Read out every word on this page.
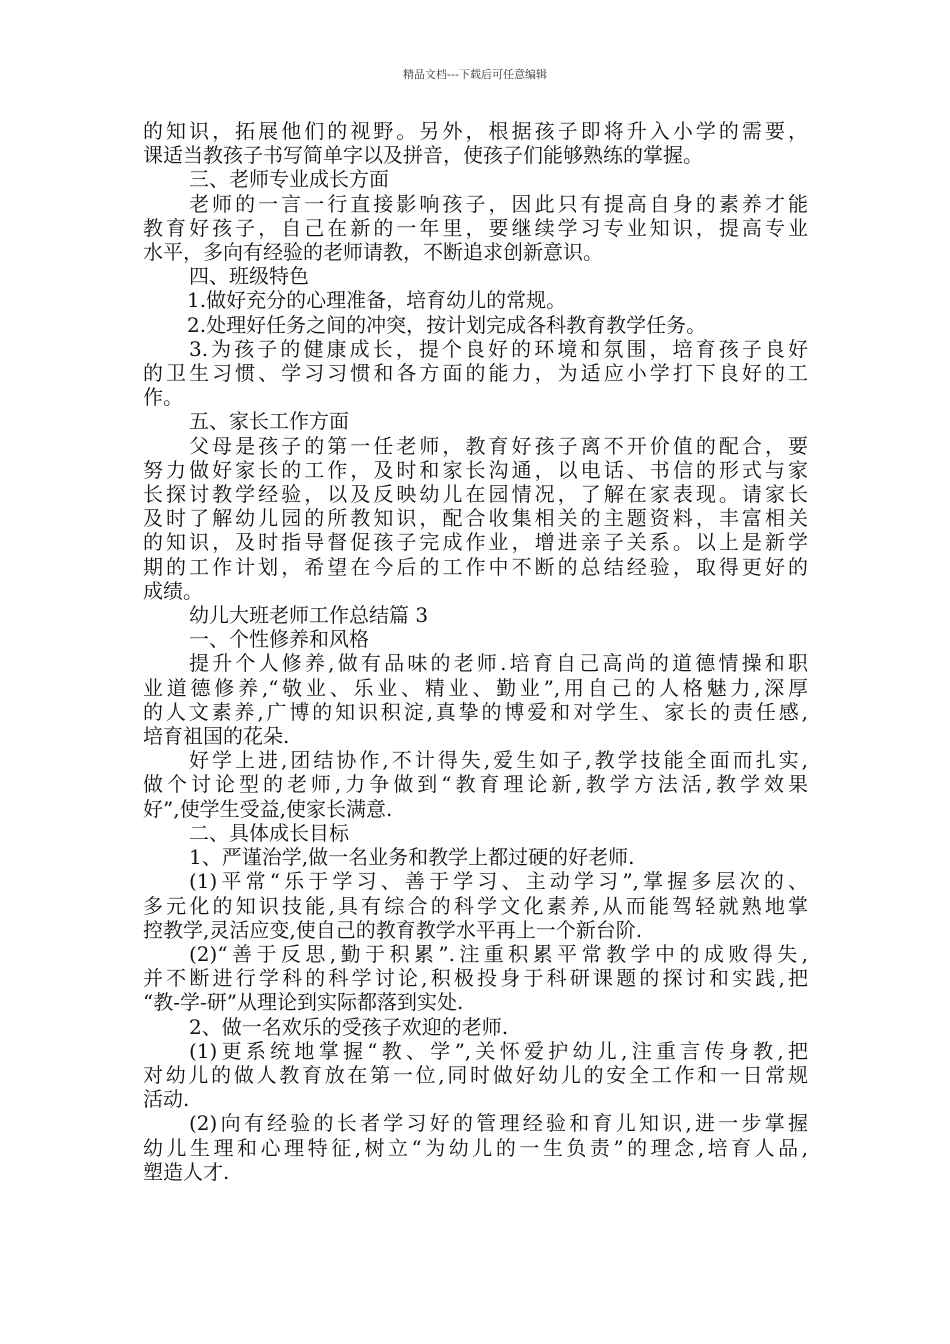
精品文档---下载后可任意编辑

的知识，拓展他们的视野。另外，根据孩子即将升入小学的需要，

课适当教孩子书写简单字以及拼音，使孩子们能够熟练的掌握。

三、老师专业成长方面

老师的一言一行直接影响孩子，因此只有提高自身的素养才能

教育好孩子，自己在新的一年里，要继续学习专业知识，提高专业

水平，多向有经验的老师请教，不断追求创新意识。

四、班级特色

1.做好充分的心理准备，培育幼儿的常规。

2.处理好任务之间的冲突，按计划完成各科教育教学任务。

3.为孩子的健康成长，提个良好的环境和氛围，培育孩子良好

的卫生习惯、学习习惯和各方面的能力，为适应小学打下良好的工

作。

五、家长工作方面

父母是孩子的第一任老师，教育好孩子离不开价值的配合，要

努力做好家长的工作，及时和家长沟通，以电话、书信的形式与家

长探讨教学经验，以及反映幼儿在园情况，了解在家表现。请家长

及时了解幼儿园的所教知识，配合收集相关的主题资料，丰富相关

的知识，及时指导督促孩子完成作业，增进亲子关系。以上是新学

期的工作计划，希望在今后的工作中不断的总结经验，取得更好的

成绩。

幼儿大班老师工作总结篇 3

一、个性修养和风格

提升个人修养,做有品味的老师.培育自己高尚的道德情操和职

业道德修养,“敬业、乐业、精业、勤业”,用自己的人格魅力,深厚

的人文素养,广博的知识积淀,真挚的博爱和对学生、家长的责任感,

培育祖国的花朵.

好学上进,团结协作,不计得失,爱生如子,教学技能全面而扎实,

做个讨论型的老师,力争做到“教育理论新,教学方法活,教学效果

好”,使学生受益,使家长满意.

二、具体成长目标

1、严谨治学,做一名业务和教学上都过硬的好老师.

(1)平常“乐于学习、善于学习、主动学习”,掌握多层次的、

多元化的知识技能,具有综合的科学文化素养,从而能驾轻就熟地掌

控教学,灵活应变,使自己的教育教学水平再上一个新台阶.

(2)“善于反思,勤于积累”.注重积累平常教学中的成败得失,

并不断进行学科的科学讨论,积极投身于科研课题的探讨和实践,把

“教-学-研”从理论到实际都落到实处.

2、做一名欢乐的受孩子欢迎的老师.

(1)更系统地掌握“教、学”,关怀爱护幼儿,注重言传身教,把

对幼儿的做人教育放在第一位,同时做好幼儿的安全工作和一日常规

活动.

(2)向有经验的长者学习好的管理经验和育儿知识,进一步掌握

幼儿生理和心理特征,树立“为幼儿的一生负责”的理念,培育人品,

塑造人才.
